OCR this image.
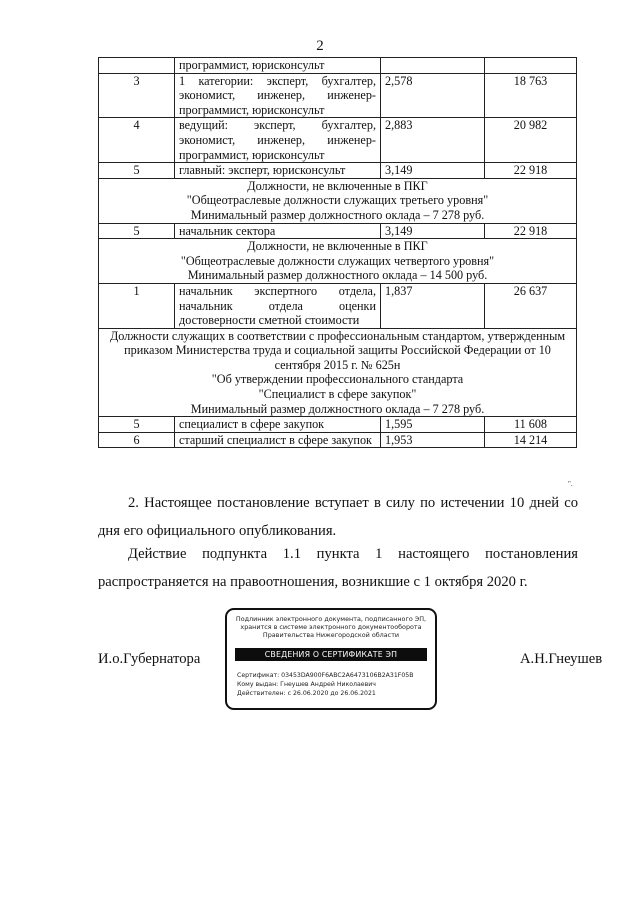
2
	программист, юрисконсульт		
3	1 категории: эксперт, бухгалтер, экономист, инженер, инженер-программист, юрисконсульт	2,578	18 763
4	ведущий: эксперт, бухгалтер, экономист, инженер, инженер-программист, юрисконсульт	2,883	20 982
5	главный: эксперт, юрисконсульт	3,149	22 918

Должности, не включенные в ПКГ
"Общеотраслевые должности служащих третьего уровня"
Минимальный размер должностного оклада – 7 278 руб.			

5	начальник сектора	3,149	22 918

Должности, не включенные в ПКГ
"Общеотраслевые должности служащих четвертого уровня"
Минимальный размер должностного оклада – 14 500 руб.			

1	начальник экспертного отдела, начальник отдела оценки достоверности сметной стоимости	1,837	26 637

Должности служащих в соответствии с профессиональным стандартом, утвержденным приказом Министерства труда и социальной защиты Российской Федерации от 10 сентября 2015 г. № 625н
"Об утверждении профессионального стандарта
"Специалист в сфере закупок"
Минимальный размер должностного оклада – 7 278 руб.			

5	специалист в сфере закупок	1,595	11 608
6	старший специалист в сфере закупок	1,953	14 214
".

2. Настоящее постановление вступает в силу по истечении 10 дней со дня его официального опубликования.

Действие подпункта 1.1 пункта 1 настоящего постановления распространяется на правоотношения, возникшие с 1 октября 2020 г.

И.о.Губернатора	А.Н.Гнеушев
Подлинник электронного документа, подписанного ЭП,
хранится в системе электронного документооборота
Правительства Нижегородской области
СВЕДЕНИЯ О СЕРТИФИКАТЕ ЭП
Сертификат: 03453DA900F6ABC2A6473106B2A31F05B
Кому выдан: Гнеушев Андрей Николаевич
Действителен: с 26.06.2020 до 26.06.2021
